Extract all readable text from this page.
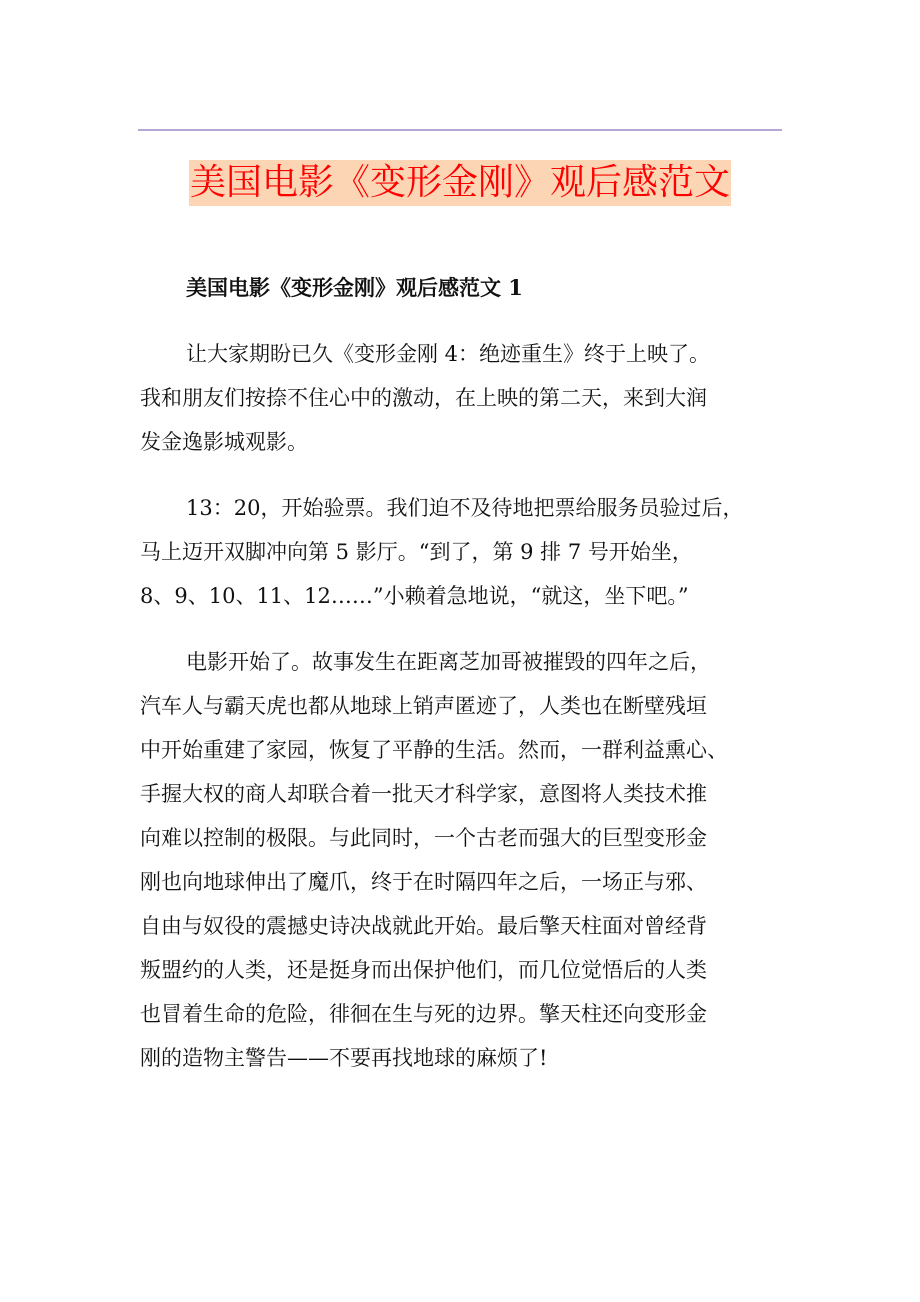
美国电影《变形金刚》观后感范文
美国电影《变形金刚》观后感范文 1
让大家期盼已久《变形金刚 4：绝迹重生》终于上映了。
我和朋友们按捺不住心中的激动，在上映的第二天，来到大润
发金逸影城观影。
13：20，开始验票。我们迫不及待地把票给服务员验过后，
马上迈开双脚冲向第 5 影厅。“到了，第 9 排 7 号开始坐，
8、9、10、11、12……”小赖着急地说，“就这，坐下吧。”
电影开始了。故事发生在距离芝加哥被摧毁的四年之后，
汽车人与霸天虎也都从地球上销声匿迹了，人类也在断壁残垣
中开始重建了家园，恢复了平静的生活。然而，一群利益熏心、
手握大权的商人却联合着一批天才科学家，意图将人类技术推
向难以控制的极限。与此同时，一个古老而强大的巨型变形金
刚也向地球伸出了魔爪，终于在时隔四年之后，一场正与邪、
自由与奴役的震撼史诗决战就此开始。最后擎天柱面对曾经背
叛盟约的人类，还是挺身而出保护他们，而几位觉悟后的人类
也冒着生命的危险，徘徊在生与死的边界。擎天柱还向变形金
刚的造物主警告——不要再找地球的麻烦了!
